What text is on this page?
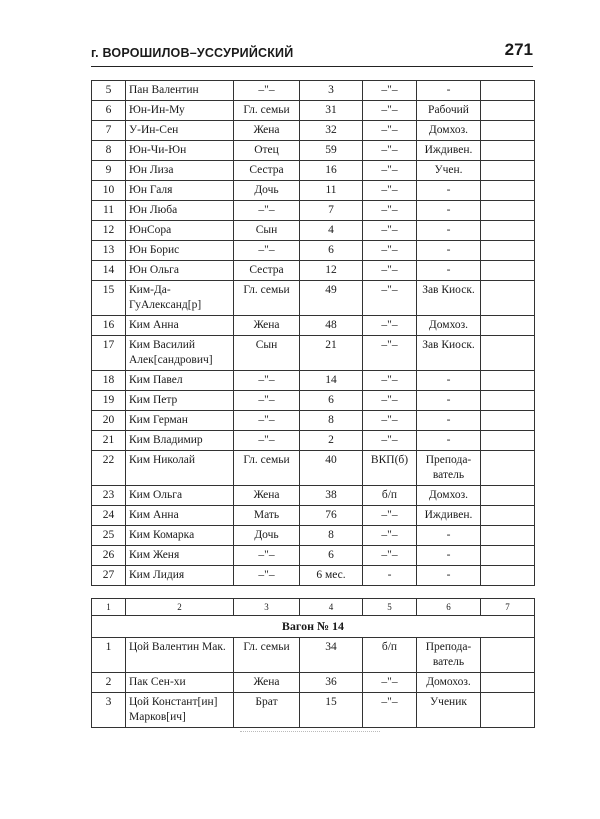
г. ВОРОШИЛОВ–УССУРИЙСКИЙ	271
5	Пан Валентин	–"–	3	–"–	-	
6	Юн-Ин-Му	Гл. семьи	31	–"–	Рабочий	
7	У-Ин-Сен	Жена	32	–"–	Домхоз.	
8	Юн-Чи-Юн	Отец	59	–"–	Иждивен.	
9	Юн Лиза	Сестра	16	–"–	Учен.	
10	Юн Галя	Дочь	11	–"–	-	
11	Юн Люба	–"–	7	–"–	-	
12	ЮнСора	Сын	4	–"–	-	
13	Юн Борис	–"–	6	–"–	-	
14	Юн Ольга	Сестра	12	–"–	-	
15	Ким-Да-ГуАлександ[р]	Гл. семьи	49	–"–	Зав Киоск.	
16	Ким Анна	Жена	48	–"–	Домхоз.	
17	Ким Василий Алек[сандрович]	Сын	21	–"–	Зав Киоск.	
18	Ким Павел	–"–	14	–"–	-	
19	Ким Петр	–"–	6	–"–	-	
20	Ким Герман	–"–	8	–"–	-	
21	Ким Владимир	–"–	2	–"–	-	
22	Ким Николай	Гл. семьи	40	ВКП(б)	Препода-ватель	
23	Ким Ольга	Жена	38	б/п	Домхоз.	
24	Ким Анна	Мать	76	–"–	Иждивен.	
25	Ким Комарка	Дочь	8	–"–	-	
26	Ким Женя	–"–	6	–"–	-	
27	Ким Лидия	–"–	6 мес.	-	-	
1	2	3	4	5	6	7
Вагон № 14						
1	Цой Валентин Мак.	Гл. семьи	34	б/п	Препода-ватель	
2	Пак Сен-хи	Жена	36	–"–	Домохоз.	
3	Цой Констант[ин] Марков[ич]	Брат	15	–"–	Ученик	
